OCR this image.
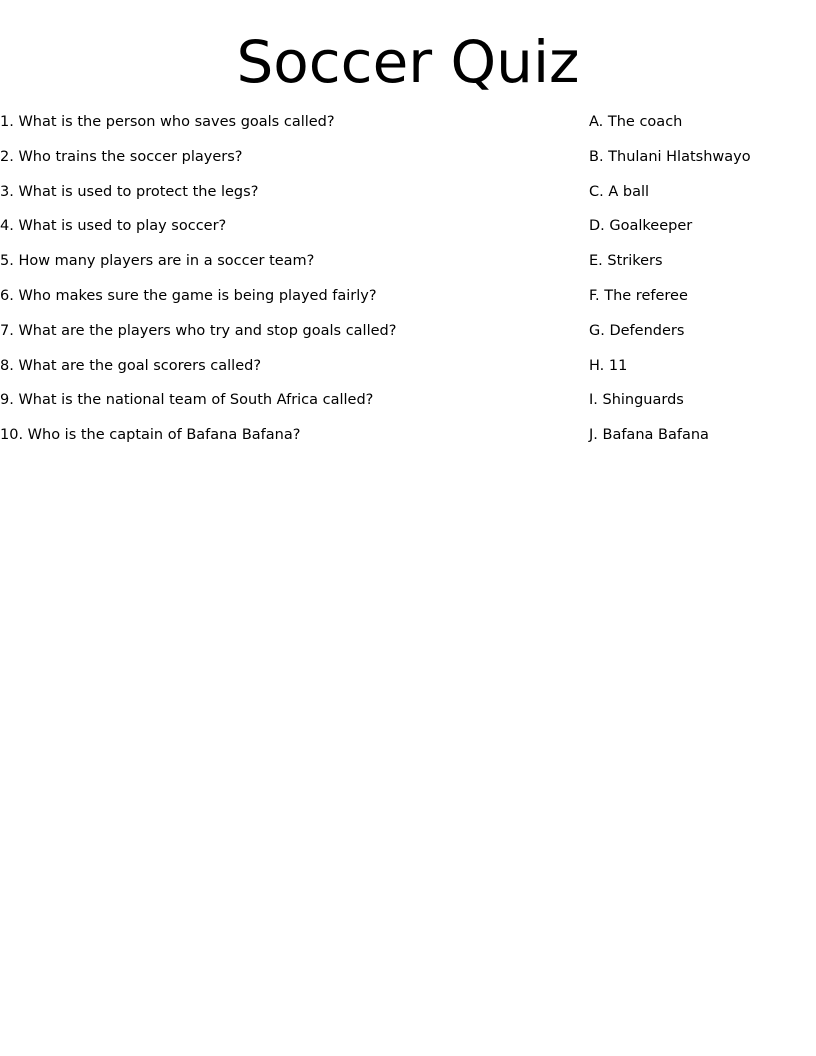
Soccer Quiz
1. What is the person who saves goals called?
2. Who trains the soccer players?
3. What is used to protect the legs?
4. What is used to play soccer?
5. How many players are in a soccer team?
6. Who makes sure the game is being played fairly?
7. What are the players who try and stop goals called?
8. What are the goal scorers called?
9. What is the national team of South Africa called?
10. Who is the captain of Bafana Bafana?
A. The coach
B. Thulani Hlatshwayo
C. A ball
D. Goalkeeper
E. Strikers
F. The referee
G. Defenders
H. 11
I. Shinguards
J. Bafana Bafana
